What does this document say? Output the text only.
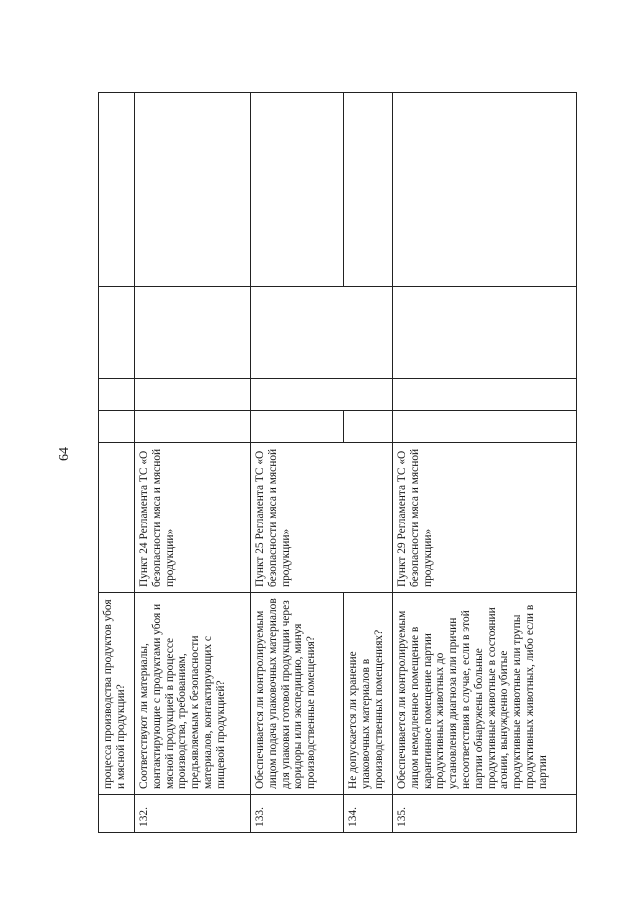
64
	процесса производства продуктов убоя и мясной продукции?					
132.	Соответствуют ли материалы, контактирующие с продуктами убоя и мясной продукцией в процессе производства, требованиям, предъявляемым к безопасности материалов, контактирующих с пищевой продукцией?	Пункт 24 Регламента ТС «О безопасности мяса и мясной продукции»				
133.	Обеспечивается ли контролируемым лицом подача упаковочных материалов для упаковки готовой продукции через коридоры или экспедицию, минуя производственные помещения?	Пункт 25 Регламента ТС «О безопасности мяса и мясной продукции»				
134.	Не допускается ли хранение упаковочных материалов в производственных помещениях?					
135.	Обеспечивается ли контролируемым лицом немедленное помещение в карантинное помещение партии продуктивных животных до установления диагноза или причин несоответствия в случае, если в этой партии обнаружены больные продуктивные животные в состоянии агонии, вынужденно убитые продуктивные животные или трупы продуктивных животных, либо если в партии	Пункт 29 Регламента ТС «О безопасности мяса и мясной продукции»				
